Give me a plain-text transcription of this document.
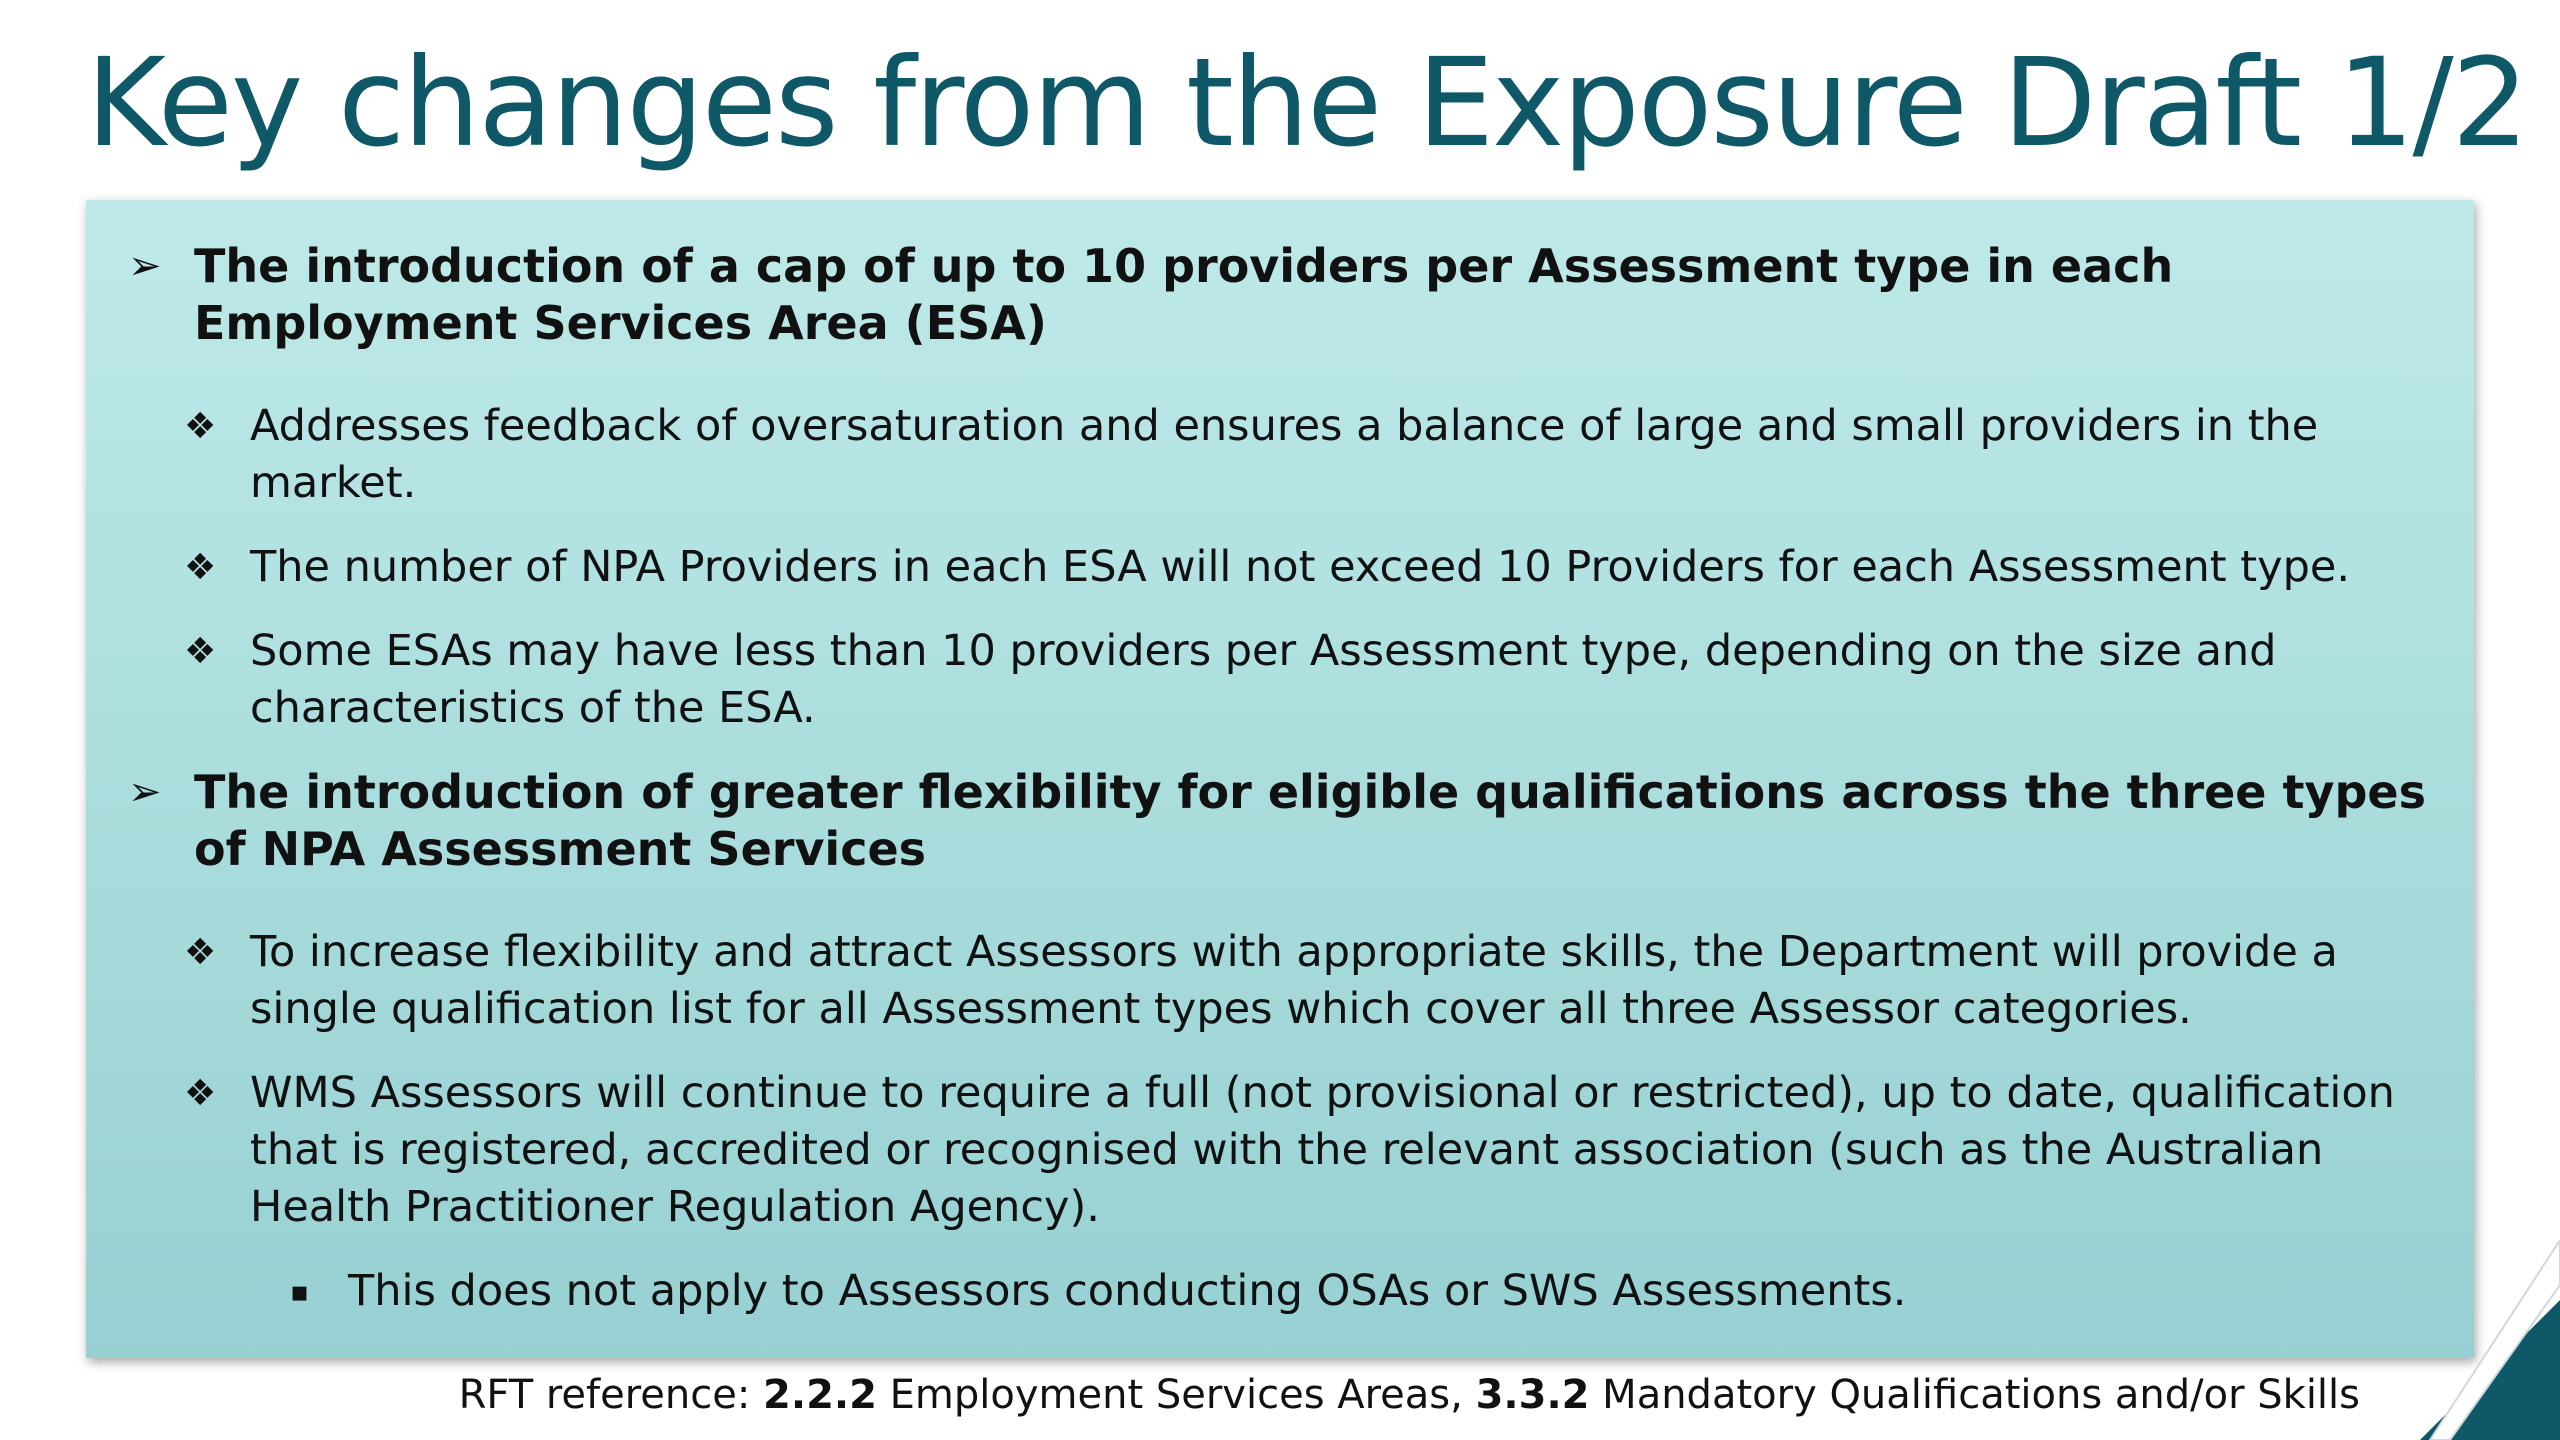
Key changes from the Exposure Draft 1/2
➢ The introduction of a cap of up to 10 providers per Assessment type in each Employment Services Area (ESA)
❖ Addresses feedback of oversaturation and ensures a balance of large and small providers in the market.
❖ The number of NPA Providers in each ESA will not exceed 10 Providers for each Assessment type.
❖ Some ESAs may have less than 10 providers per Assessment type, depending on the size and characteristics of the ESA.
➢ The introduction of greater flexibility for eligible qualifications across the three types of NPA Assessment Services
❖ To increase flexibility and attract Assessors with appropriate skills, the Department will provide a single qualification list for all Assessment types which cover all three Assessor categories.
❖ WMS Assessors will continue to require a full (not provisional or restricted), up to date, qualification that is registered, accredited or recognised with the relevant association (such as the Australian Health Practitioner Regulation Agency).
▪ This does not apply to Assessors conducting OSAs or SWS Assessments.
RFT reference: 2.2.2 Employment Services Areas, 3.3.2 Mandatory Qualifications and/or Skills
